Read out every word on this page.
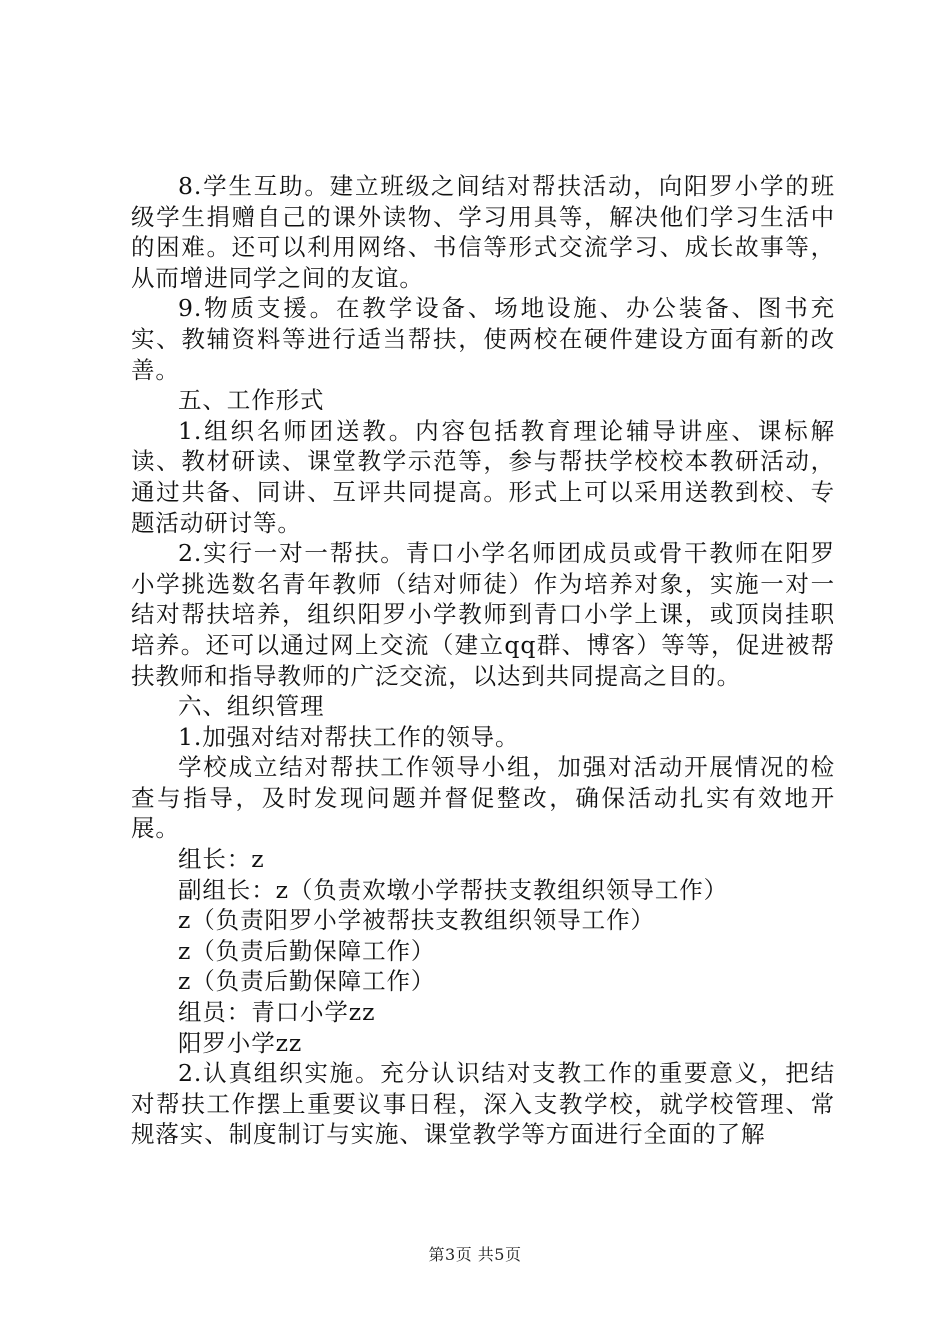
8.学生互助。建立班级之间结对帮扶活动，向阳罗小学的班级学生捐赠自己的课外读物、学习用具等，解决他们学习生活中的困难。还可以利用网络、书信等形式交流学习、成长故事等，从而增进同学之间的友谊。

9.物质支援。在教学设备、场地设施、办公装备、图书充实、教辅资料等进行适当帮扶，使两校在硬件建设方面有新的改善。

五、工作形式

1.组织名师团送教。内容包括教育理论辅导讲座、课标解读、教材研读、课堂教学示范等，参与帮扶学校校本教研活动，通过共备、同讲、互评共同提高。形式上可以采用送教到校、专题活动研讨等。

2.实行一对一帮扶。青口小学名师团成员或骨干教师在阳罗小学挑选数名青年教师（结对师徒）作为培养对象，实施一对一结对帮扶培养，组织阳罗小学教师到青口小学上课，或顶岗挂职培养。还可以通过网上交流（建立qq群、博客）等等，促进被帮扶教师和指导教师的广泛交流，以达到共同提高之目的。

六、组织管理

1.加强对结对帮扶工作的领导。

学校成立结对帮扶工作领导小组，加强对活动开展情况的检查与指导，及时发现问题并督促整改，确保活动扎实有效地开展。

组长：z

副组长：z（负责欢墩小学帮扶支教组织领导工作）

z（负责阳罗小学被帮扶支教组织领导工作）

z（负责后勤保障工作）

z（负责后勤保障工作）

组员：青口小学zz

阳罗小学zz

2.认真组织实施。充分认识结对支教工作的重要意义，把结对帮扶工作摆上重要议事日程，深入支教学校，就学校管理、常规落实、制度制订与实施、课堂教学等方面进行全面的了解

第3页 共5页
